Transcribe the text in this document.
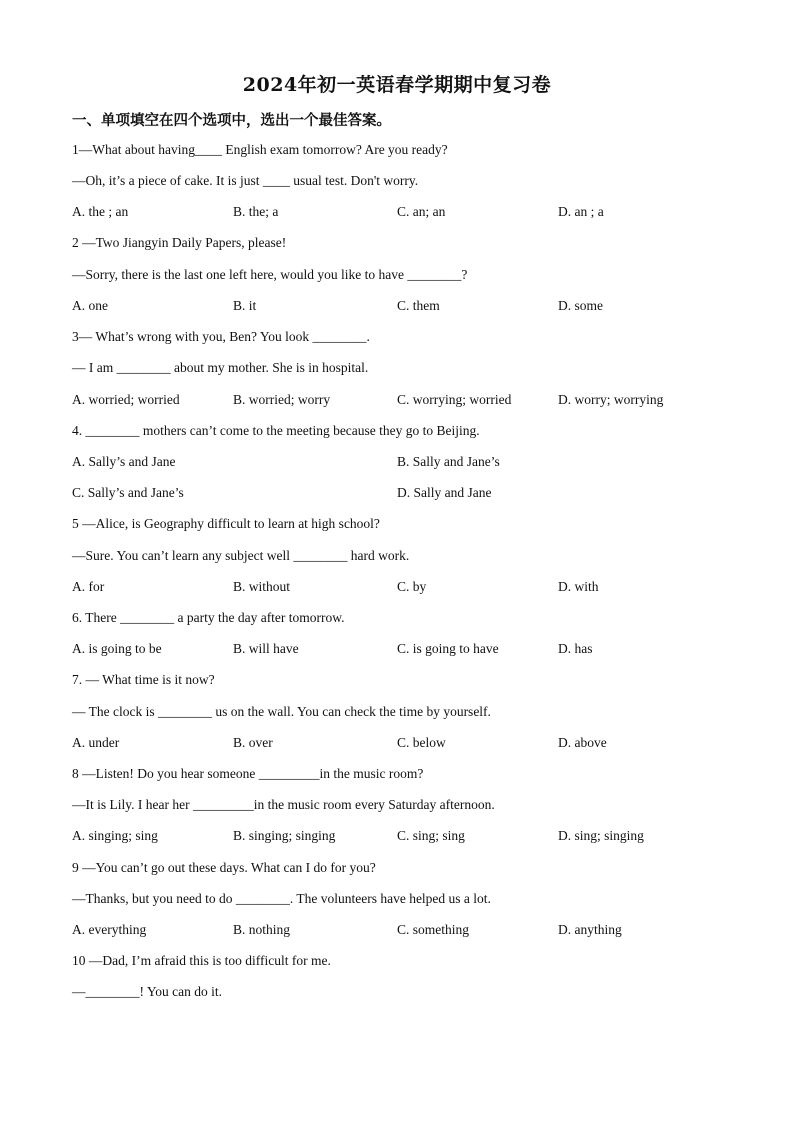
2024年初一英语春学期期中复习卷
一、单项填空在四个选项中，选出一个最佳答案。
1—What about having____ English exam tomorrow? Are you ready?
—Oh, it’s a piece of cake. It is just ____ usual test. Don't worry.
A. the ; an	B. the; a	C. an; an	D. an ; a
2 —Two Jiangyin Daily Papers, please!
—Sorry, there is the last one left here, would you like to have ________?
A. one	B. it	C. them	D. some
3— What’s wrong with you, Ben? You look ________.
— I am ________ about my mother. She is in hospital.
A. worried; worried	B. worried; worry	C. worrying; worried	D. worry; worrying
4. ________ mothers can’t come to the meeting because they go to Beijing.
A. Sally’s and Jane	B. Sally and Jane’s
C. Sally’s and Jane’s	D. Sally and Jane
5 —Alice, is Geography difficult to learn at high school?
—Sure. You can’t learn any subject well ________ hard work.
A. for	B. without	C. by	D. with
6. There ________ a party the day after tomorrow.
A. is going to be	B. will have	C. is going to have	D. has
7. — What time is it now?
— The clock is ________ us on the wall. You can check the time by yourself.
A. under	B. over	C. below	D. above
8 —Listen! Do you hear someone _________in the music room?
—It is Lily. I hear her _________in the music room every Saturday afternoon.
A. singing; sing	B. singing; singing	C. sing; sing	D. sing; singing
9 —You can’t go out these days. What can I do for you?
—Thanks, but you need to do ________. The volunteers have helped us a lot.
A. everything	B. nothing	C. something	D. anything
10 —Dad, I’m afraid this is too difficult for me.
—________! You can do it.
